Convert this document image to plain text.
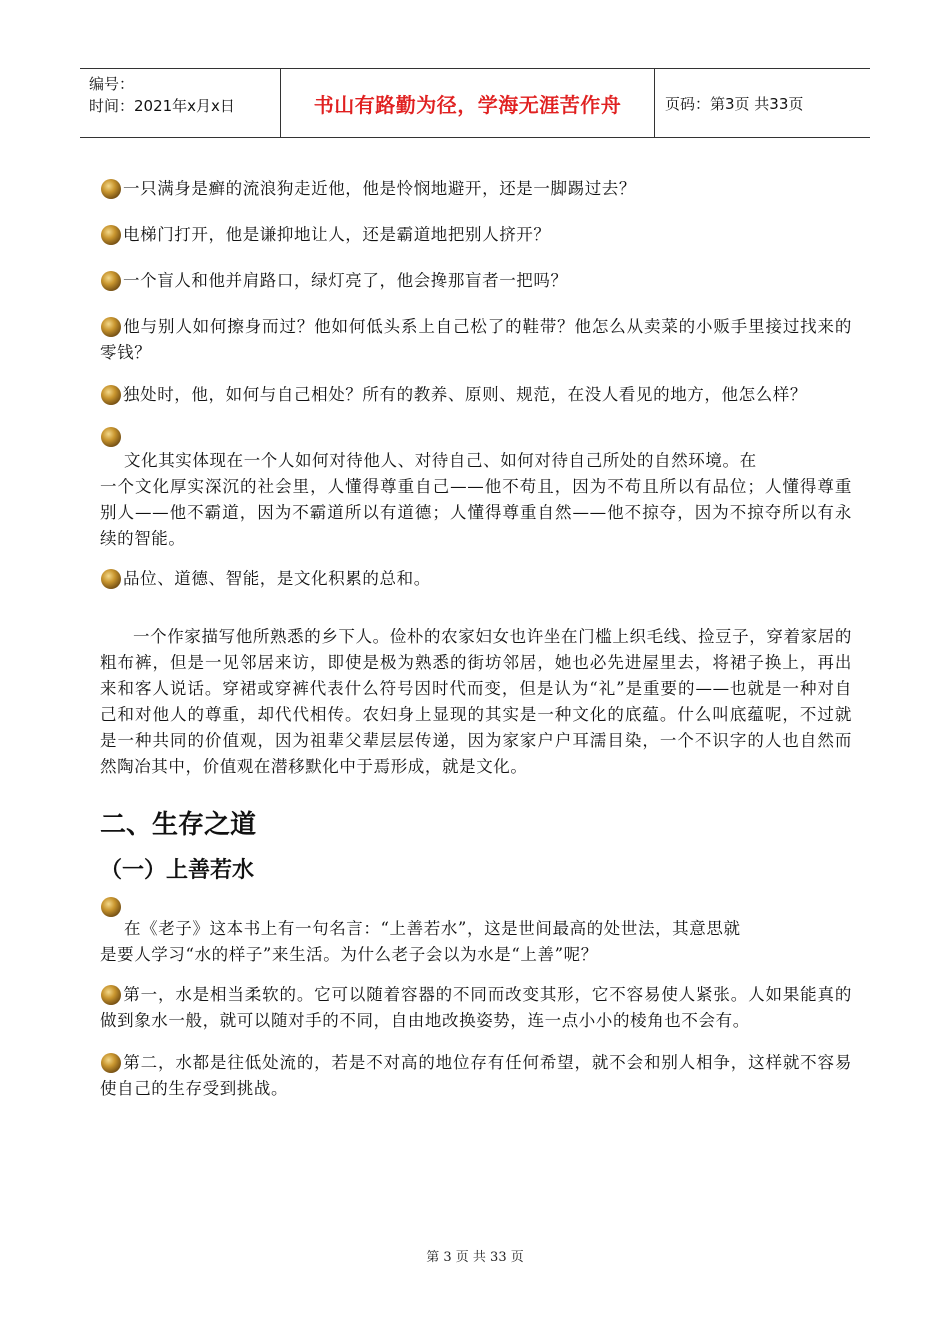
编号：
时间：2021年x月x日	书山有路勤为径，学海无涯苦作舟	页码：第3页 共33页

一只满身是癣的流浪狗走近他，他是怜悯地避开，还是一脚踢过去？

电梯门打开，他是谦抑地让人，还是霸道地把别人挤开？

一个盲人和他并肩路口，绿灯亮了，他会搀那盲者一把吗？

他与别人如何擦身而过？他如何低头系上自己松了的鞋带？他怎么从卖菜的小贩手里接过找来的零钱？

独处时，他，如何与自己相处？所有的教养、原则、规范，在没人看见的地方，他怎么样？

文化其实体现在一个人如何对待他人、对待自己、如何对待自己所处的自然环境。在
一个文化厚实深沉的社会里，人懂得尊重自己——他不苟且，因为不苟且所以有品位；人懂得尊重别人——他不霸道，因为不霸道所以有道德；人懂得尊重自然——他不掠夺，因为不掠夺所以有永续的智能。

品位、道德、智能，是文化积累的总和。

一个作家描写他所熟悉的乡下人。俭朴的农家妇女也许坐在门槛上织毛线、捡豆子，穿着家居的粗布裤，但是一见邻居来访，即使是极为熟悉的街坊邻居，她也必先进屋里去，将裙子换上，再出来和客人说话。穿裙或穿裤代表什么符号因时代而变，但是认为“礼”是重要的——也就是一种对自己和对他人的尊重，却代代相传。农妇身上显现的其实是一种文化的底蕴。什么叫底蕴呢，不过就是一种共同的价值观，因为祖辈父辈层层传递，因为家家户户耳濡目染，一个不识字的人也自然而然陶冶其中，价值观在潜移默化中于焉形成，就是文化。

二、生存之道
（一）上善若水
在《老子》这本书上有一句名言：“上善若水”，这是世间最高的处世法，其意思就
是要人学习“水的样子”来生活。为什么老子会以为水是“上善”呢？

第一，水是相当柔软的。它可以随着容器的不同而改变其形，它不容易使人紧张。人如果能真的做到象水一般，就可以随对手的不同，自由地改换姿势，连一点小小的棱角也不会有。

第二，水都是往低处流的，若是不对高的地位存有任何希望，就不会和别人相争，这样就不容易使自己的生存受到挑战。

第 3 页 共 33 页
